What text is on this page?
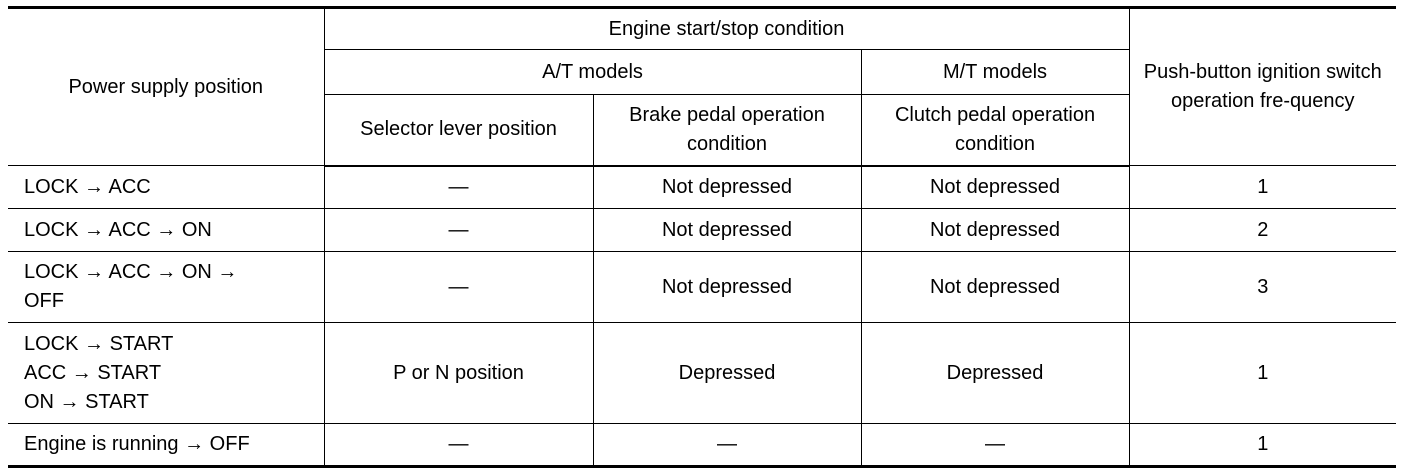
Power supply position	Engine start/stop condition			Push-button ignition switch operation fre-quency
	A/T models		M/T models	
	Selector lever position	Brake pedal operation condition	Clutch pedal operation condition	
LOCK → ACC	—	Not depressed	Not depressed	1
LOCK → ACC → ON	—	Not depressed	Not depressed	2
LOCK → ACC → ON →
OFF	—	Not depressed	Not depressed	3
LOCK → START
ACC → START
ON → START	P or N position	Depressed	Depressed	1
Engine is running → OFF	—	—	—	1
